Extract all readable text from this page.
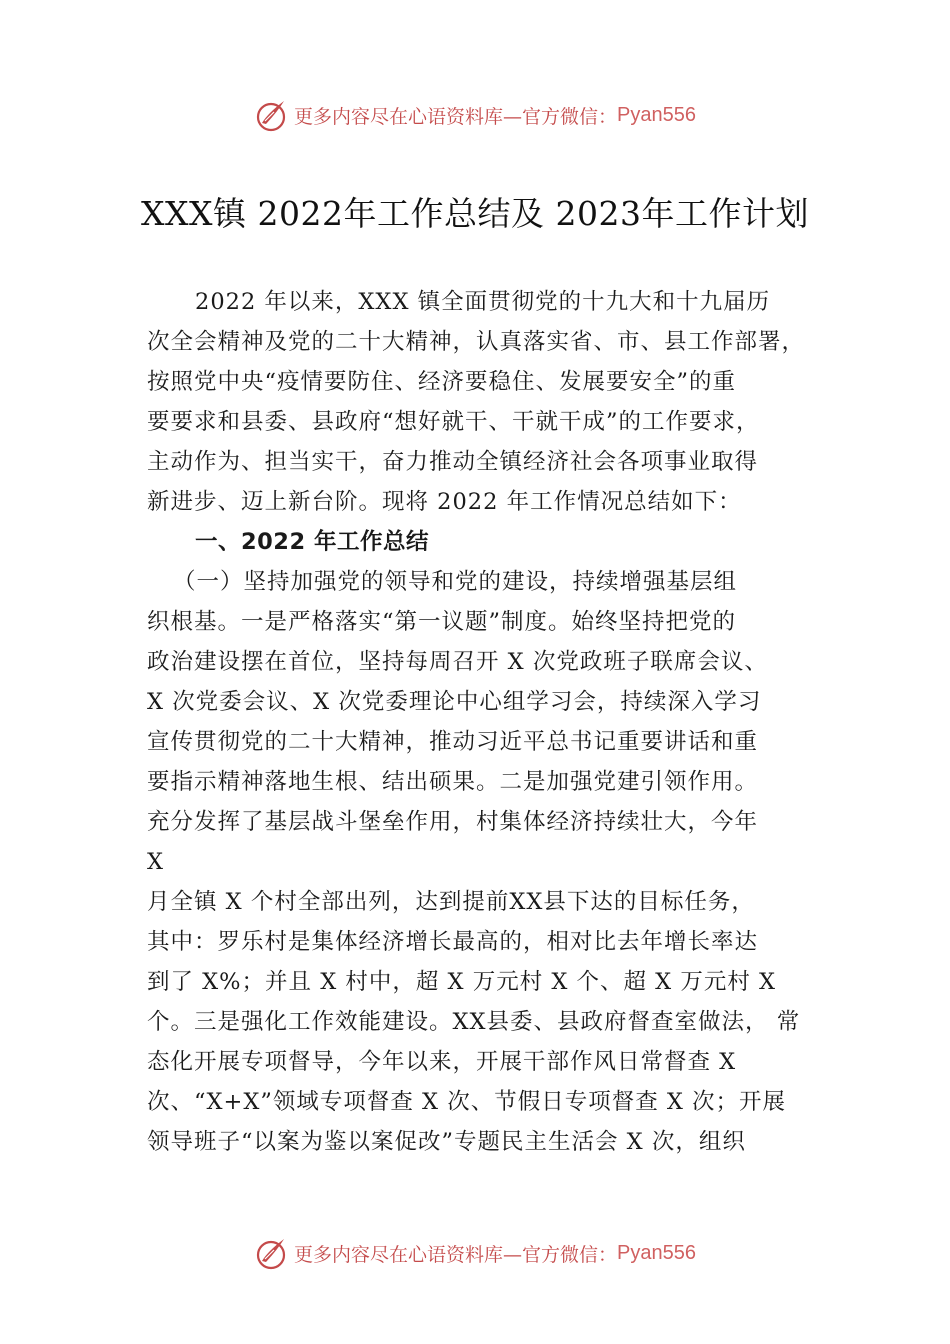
更多内容尽在心语资料库—官方微信： Pyan556
XXX镇 2022年工作总结及 2023年工作计划
2022 年以来，XXX 镇全面贯彻党的十九大和十九届历
次全会精神及党的二十大精神，认真落实省、市、县工作部署，
按照党中央“疫情要防住、经济要稳住、发展要安全”的重
要要求和县委、县政府“想好就干、干就干成”的工作要求，
主动作为、担当实干，奋力推动全镇经济社会各项事业取得
新进步、迈上新台阶。现将 2022 年工作情况总结如下：
一、2022 年工作总结
（一）坚持加强党的领导和党的建设，持续增强基层组
织根基。一是严格落实“第一议题”制度。始终坚持把党的
政治建设摆在首位，坚持每周召开 X 次党政班子联席会议、
X 次党委会议、X 次党委理论中心组学习会，持续深入学习
宣传贯彻党的二十大精神，推动习近平总书记重要讲话和重
要指示精神落地生根、结出硕果。二是加强党建引领作用。
充分发挥了基层战斗堡垒作用，村集体经济持续壮大，今年
X
月全镇 X 个村全部出列，达到提前XX县下达的目标任务，
其中：罗乐村是集体经济增长最高的，相对比去年增长率达
到了 X%；并且 X 村中，超 X 万元村 X 个、超 X 万元村 X
个。三是强化工作效能建设。XX县委、县政府督查室做法， 常
态化开展专项督导，今年以来，开展干部作风日常督查 X
次、“X+X”领域专项督查 X 次、节假日专项督查 X 次；开展
领导班子“以案为鉴以案促改”专题民主生活会 X 次，组织
更多内容尽在心语资料库—官方微信： Pyan556
